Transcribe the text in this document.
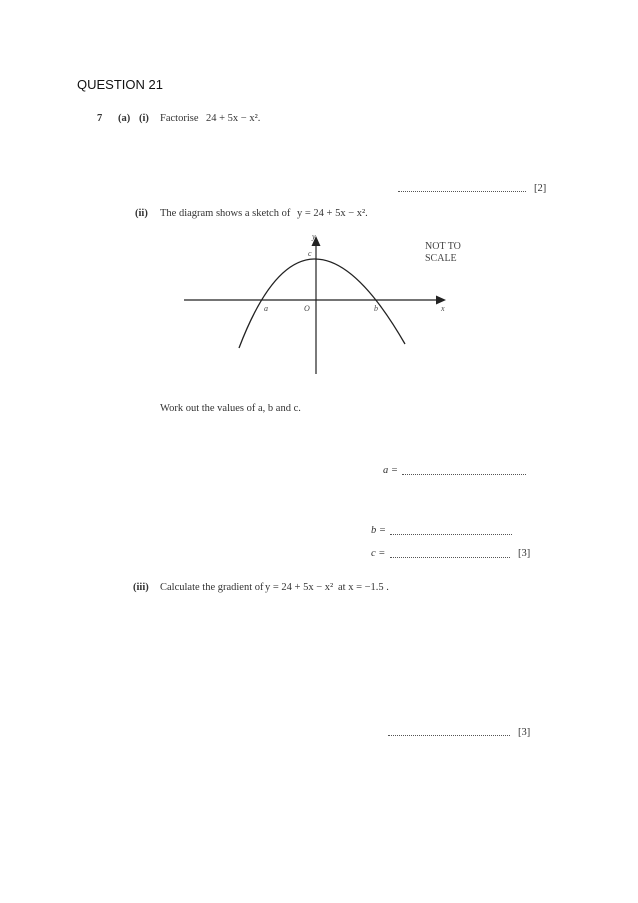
QUESTION 21
7 (a) (i) Factorise 24 + 5x − x².
[2]
(ii) The diagram shows a sketch of y = 24 + 5x − x².
y
c
a	O	b	x
NOT TO
SCALE
Work out the values of a, b and c.
a =
b =
c =	[3]
(iii) Calculate the gradient of y = 24 + 5x − x² at x = −1.5 .
[3]
